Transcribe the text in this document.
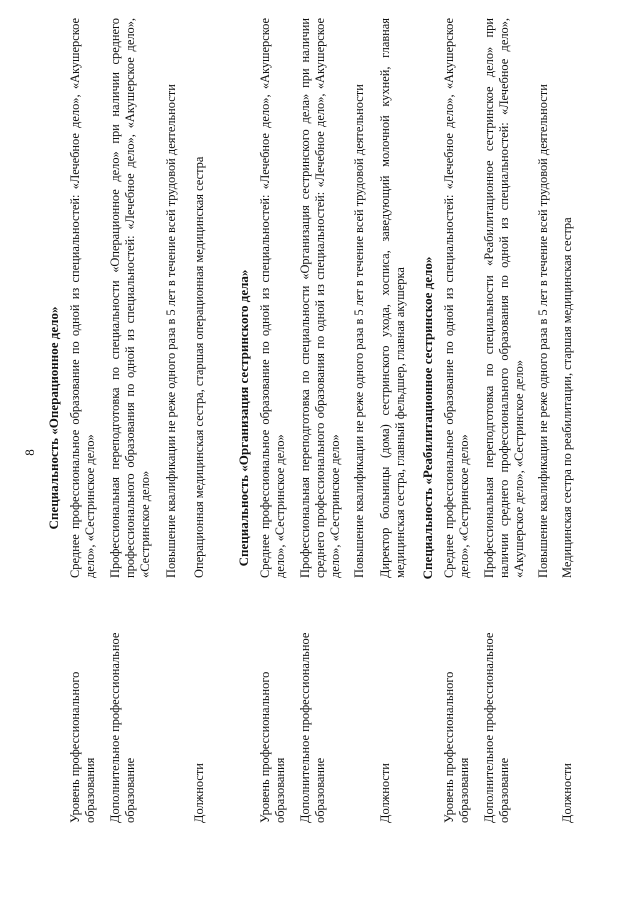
8 Специальность «Операционное дело»
Уровень профессионального образования
Среднее профессиональное образование по одной из специальностей: «Лечебное дело», «Акушерское дело», «Сестринское дело»
Дополнительное профессиональное образование
Профессиональная переподготовка по специальности «Операционное дело» при наличии среднего профессионального образования по одной из специальностей: «Лечебное дело», «Акушерское дело», «Сестринское дело» Повышение квалификации не реже одного раза в 5 лет в течение всей трудовой деятельности
Должности
Операционная медицинская сестра, старшая операционная медицинская сестра Специальность «Организация сестринского дела»
Уровень профессионального образования
Среднее профессиональное образование по одной из специальностей: «Лечебное дело», «Акушерское дело», «Сестринское дело»
Дополнительное профессиональное образование
Профессиональная переподготовка по специальности «Организация сестринского дела» при наличии среднего профессионального образования по одной из специальностей: «Лечебное дело», «Акушерское дело», «Сестринское дело» Повышение квалификации не реже одного раза в 5 лет в течение всей трудовой деятельности
Должности
Директор больницы (дома) сестринского ухода, хосписа, заведующий молочной кухней, главная медицинская сестра, главный фельдшер, главная акушерка Специальность «Реабилитационное сестринское дело»
Уровень профессионального образования
Среднее профессиональное образование по одной из специальностей: «Лечебное дело», «Акушерское дело», «Сестринское дело»
Дополнительное профессиональное образование
Профессиональная переподготовка по специальности «Реабилитационное сестринское дело» при наличии среднего профессионального образования по одной из специальностей: «Лечебное дело», «Акушерское дело», «Сестринское дело» Повышение квалификации не реже одного раза в 5 лет в течение всей трудовой деятельности
Должности
Медицинская сестра по реабилитации, старшая медицинская сестра
